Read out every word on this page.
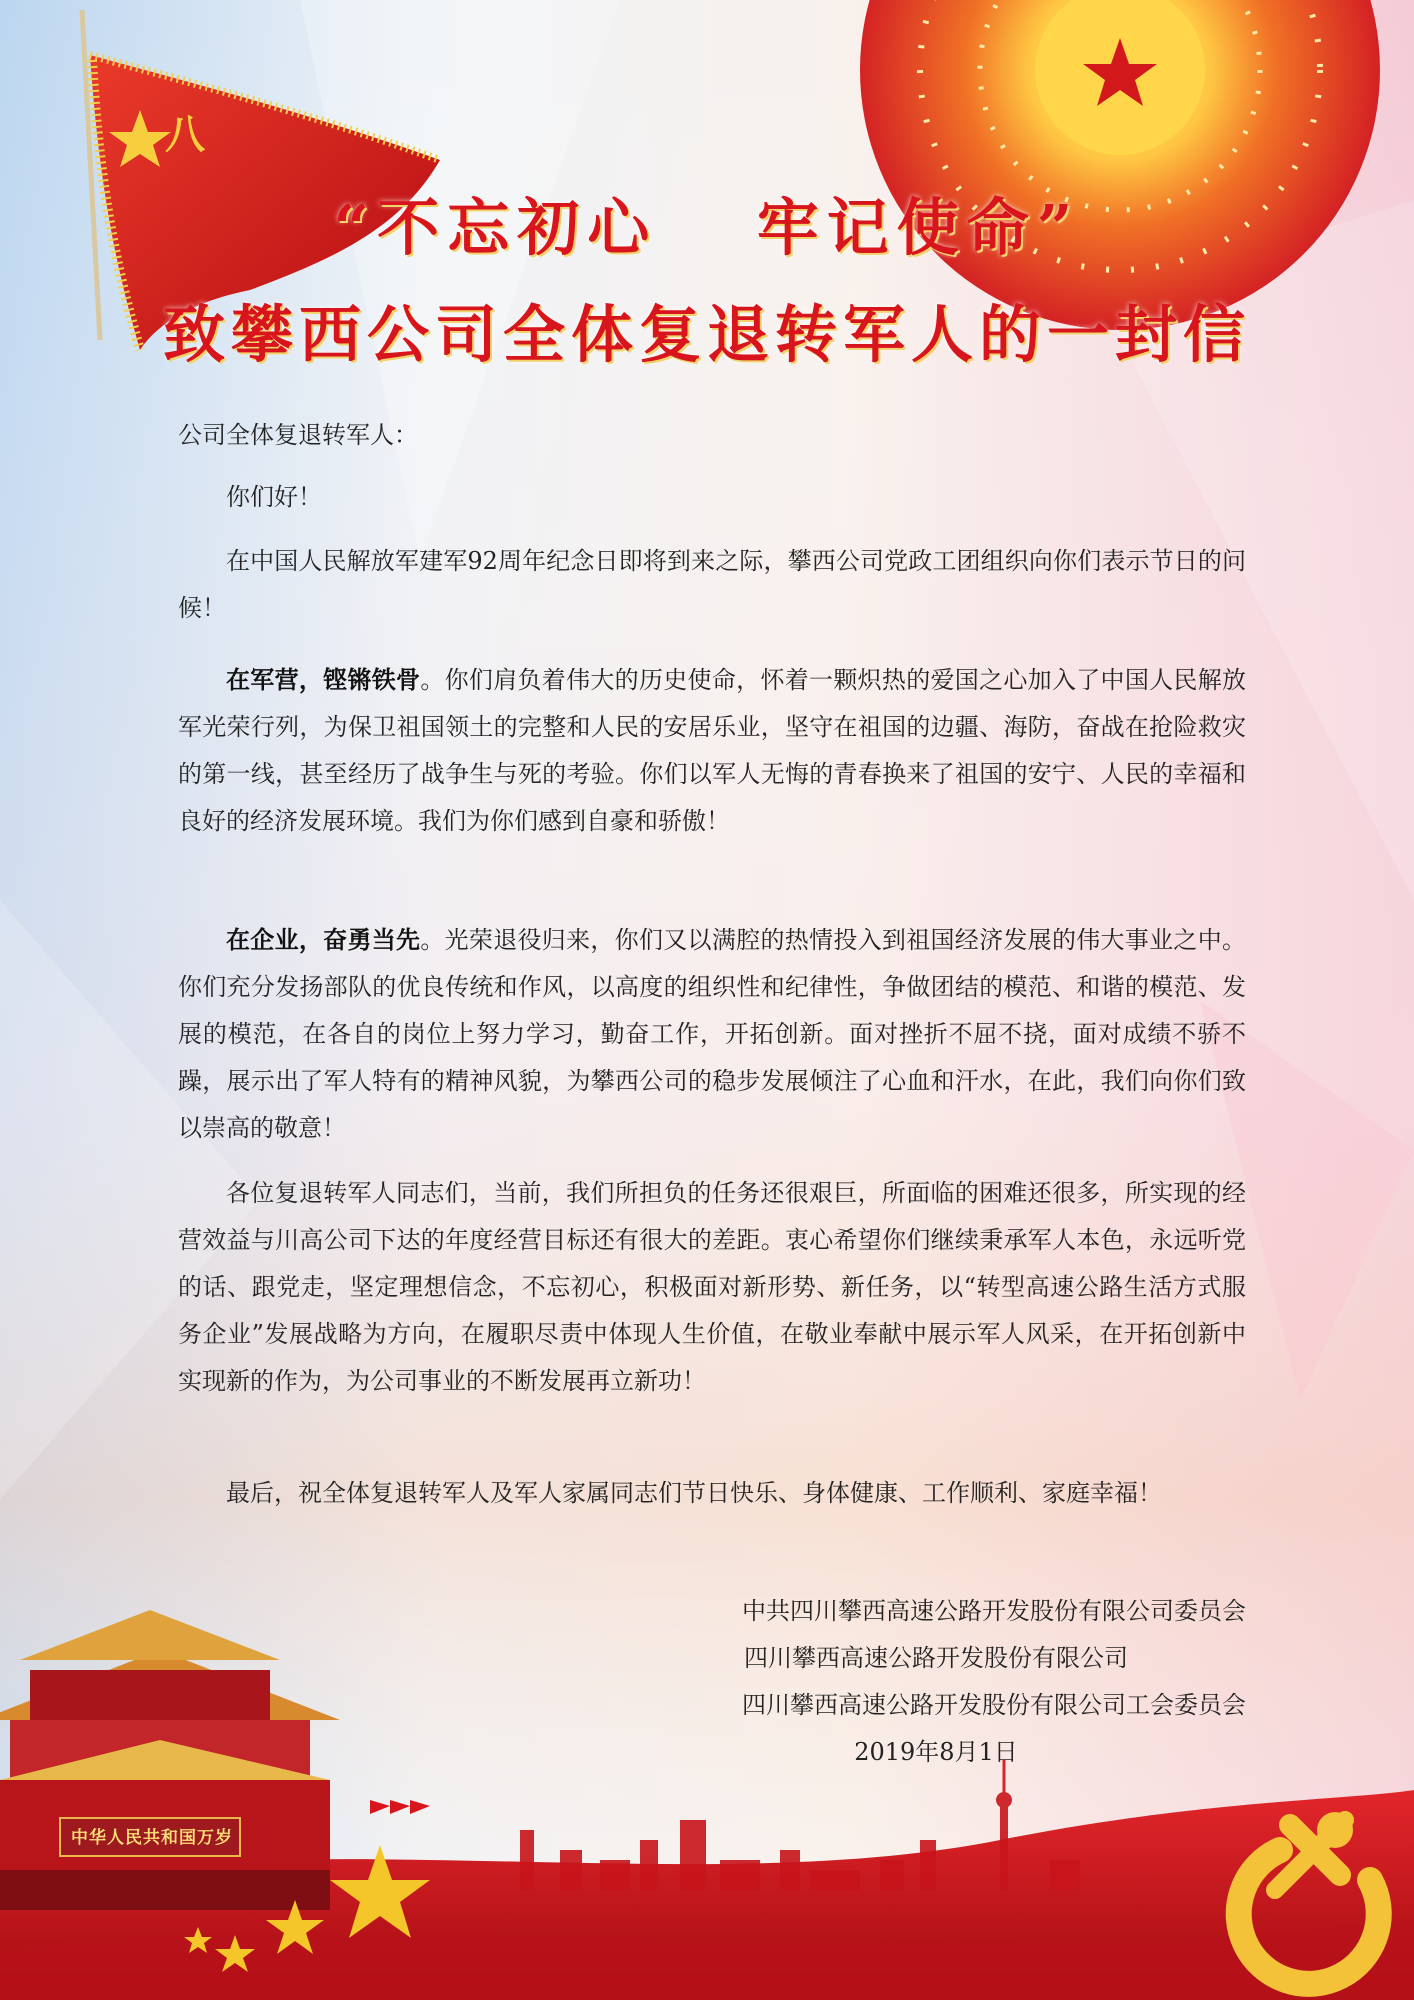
八
“不忘初心　 牢记使命”
致攀西公司全体复退转军人的一封信

公司全体复退转军人：

你们好！

在中国人民解放军建军92周年纪念日即将到来之际，攀西公司党政工团组织向你们表示节日的问候！

在军营，铿锵铁骨。你们肩负着伟大的历史使命，怀着一颗炽热的爱国之心加入了中国人民解放军光荣行列，为保卫祖国领土的完整和人民的安居乐业，坚守在祖国的边疆、海防，奋战在抢险救灾的第一线，甚至经历了战争生与死的考验。你们以军人无悔的青春换来了祖国的安宁、人民的幸福和良好的经济发展环境。我们为你们感到自豪和骄傲！

在企业，奋勇当先。光荣退役归来，你们又以满腔的热情投入到祖国经济发展的伟大事业之中。你们充分发扬部队的优良传统和作风，以高度的组织性和纪律性，争做团结的模范、和谐的模范、发展的模范，在各自的岗位上努力学习，勤奋工作，开拓创新。面对挫折不屈不挠，面对成绩不骄不躁，展示出了军人特有的精神风貌，为攀西公司的稳步发展倾注了心血和汗水，在此，我们向你们致以崇高的敬意！

各位复退转军人同志们，当前，我们所担负的任务还很艰巨，所面临的困难还很多，所实现的经营效益与川高公司下达的年度经营目标还有很大的差距。衷心希望你们继续秉承军人本色，永远听党的话、跟党走，坚定理想信念，不忘初心，积极面对新形势、新任务，以“转型高速公路生活方式服务企业”发展战略为方向，在履职尽责中体现人生价值，在敬业奉献中展示军人风采，在开拓创新中实现新的作为，为公司事业的不断发展再立新功！

最后，祝全体复退转军人及军人家属同志们节日快乐、身体健康、工作顺利、家庭幸福！

中共四川攀西高速公路开发股份有限公司委员会
四川攀西高速公路开发股份有限公司
四川攀西高速公路开发股份有限公司工会委员会
2019年8月1日
中华人民共和国万岁
